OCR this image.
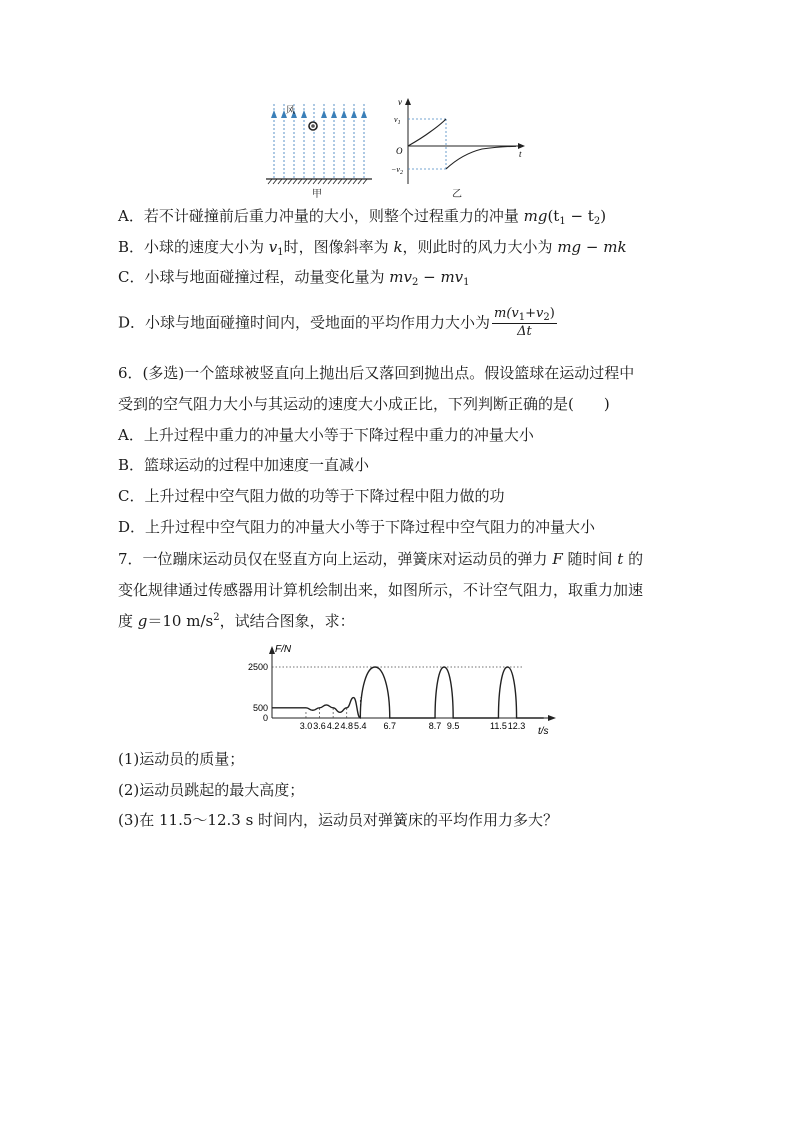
风
甲
v
t
O
$v_1$
$-v_2$
乙
A．若不计碰撞前后重力冲量的大小，则整个过程重力的冲量 $mg(t_1 - t_2)$
B．小球的速度大小为 $v_1$时，图像斜率为 k，则此时的风力大小为 mg − mk
C．小球与地面碰撞过程，动量变化量为 $mv_2 - mv_1$
D．小球与地面碰撞时间内，受地面的平均作用力大小为 $\frac{m(v_1+v_2)}{\Delta t}$
6．(多选)一个篮球被竖直向上抛出后又落回到抛出点。假设篮球在运动过程中
受到的空气阻力大小与其运动的速度大小成正比，下列判断正确的是(　　)
A．上升过程中重力的冲量大小等于下降过程中重力的冲量大小
B．篮球运动的过程中加速度一直减小
C．上升过程中空气阻力做的功等于下降过程中阻力做的功
D．上升过程中空气阻力的冲量大小等于下降过程中空气阻力的冲量大小
7．一位蹦床运动员仅在竖直方向上运动，弹簧床对运动员的弹力 F 随时间 t 的
变化规律通过传感器用计算机绘制出来，如图所示，不计空气阻力，取重力加速
度 g＝10 $m/s^2$，试结合图象，求：
F/N
t/s
2500
500
0
3.0 3.6 4.2 4.8 5.4 6.7	8.7 9.5	11.5 12.3
(1)运动员的质量；
(2)运动员跳起的最大高度；
(3)在 11.5～12.3 s 时间内，运动员对弹簧床的平均作用力多大？
